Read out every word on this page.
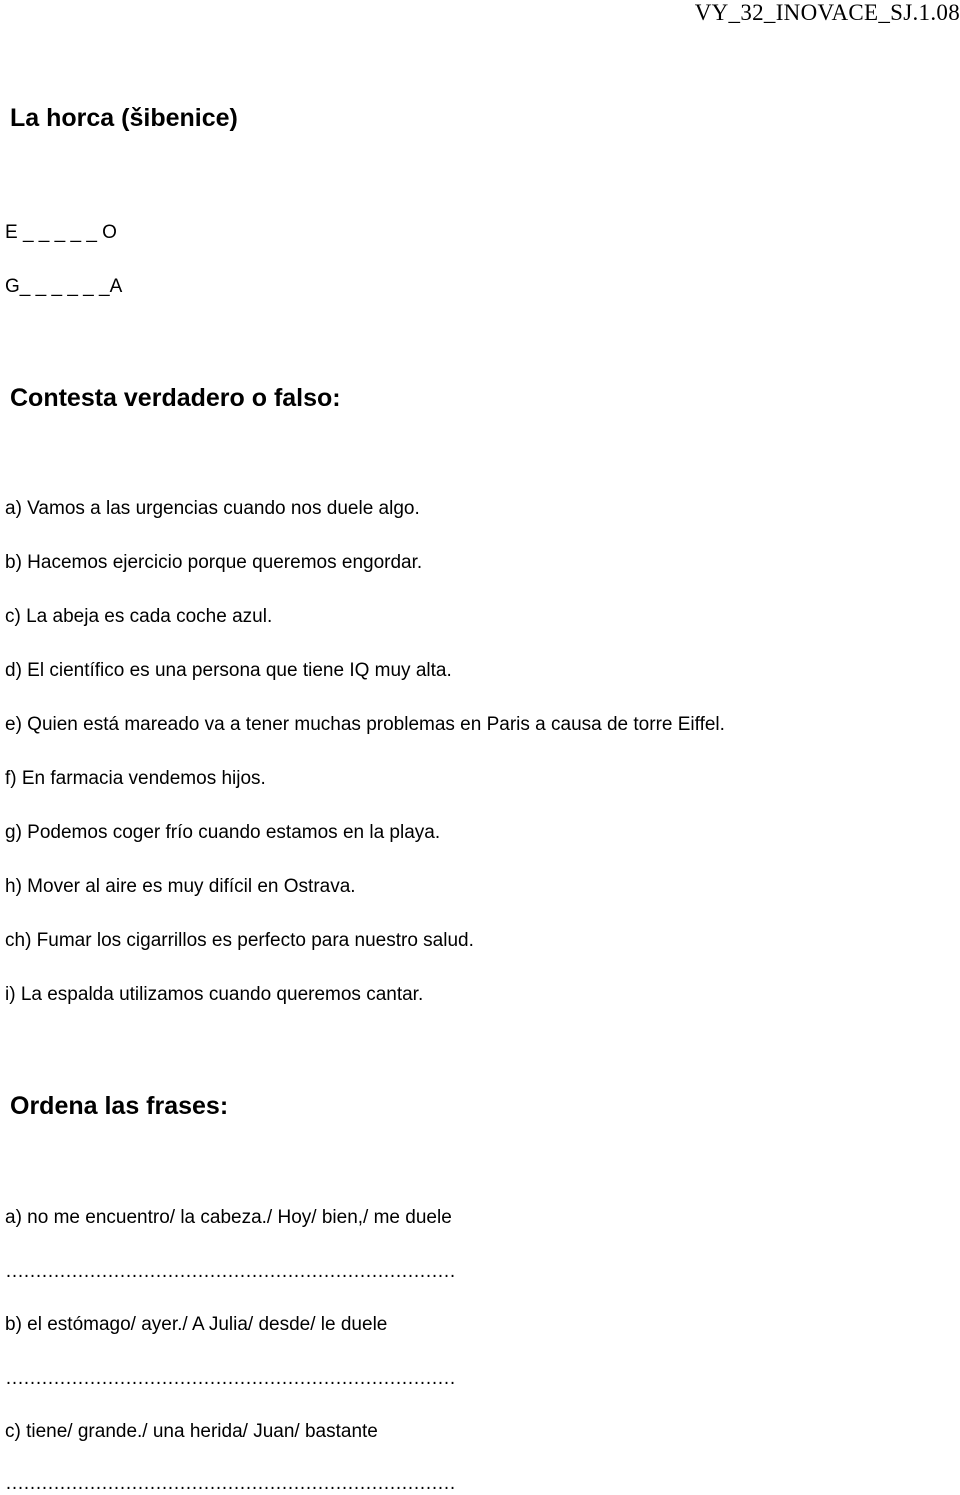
VY_32_INOVACE_SJ.1.08
La horca (šibenice)
E _ _ _ _ _ O
G_ _ _ _ _ _A
Contesta verdadero o falso:
a) Vamos a las urgencias cuando nos duele algo.
b) Hacemos ejercicio porque queremos engordar.
c) La abeja es cada coche azul.
d) El científico es una persona que tiene IQ muy alta.
e) Quien está mareado va a tener muchas problemas en Paris a causa de torre Eiffel.
f) En farmacia vendemos hijos.
g) Podemos coger frío cuando estamos en la playa.
h) Mover al aire es muy difícil en Ostrava.
ch) Fumar los cigarrillos es perfecto para nuestro salud.
i) La espalda utilizamos cuando queremos cantar.
Ordena las frases:
a) no me encuentro/ la cabeza./ Hoy/ bien,/ me duele
…………………………………………………………………
b) el estómago/ ayer./ A Julia/ desde/ le duele
…………………………………………………………………
c) tiene/ grande./ una herida/ Juan/ bastante
…………………………………………………………………
